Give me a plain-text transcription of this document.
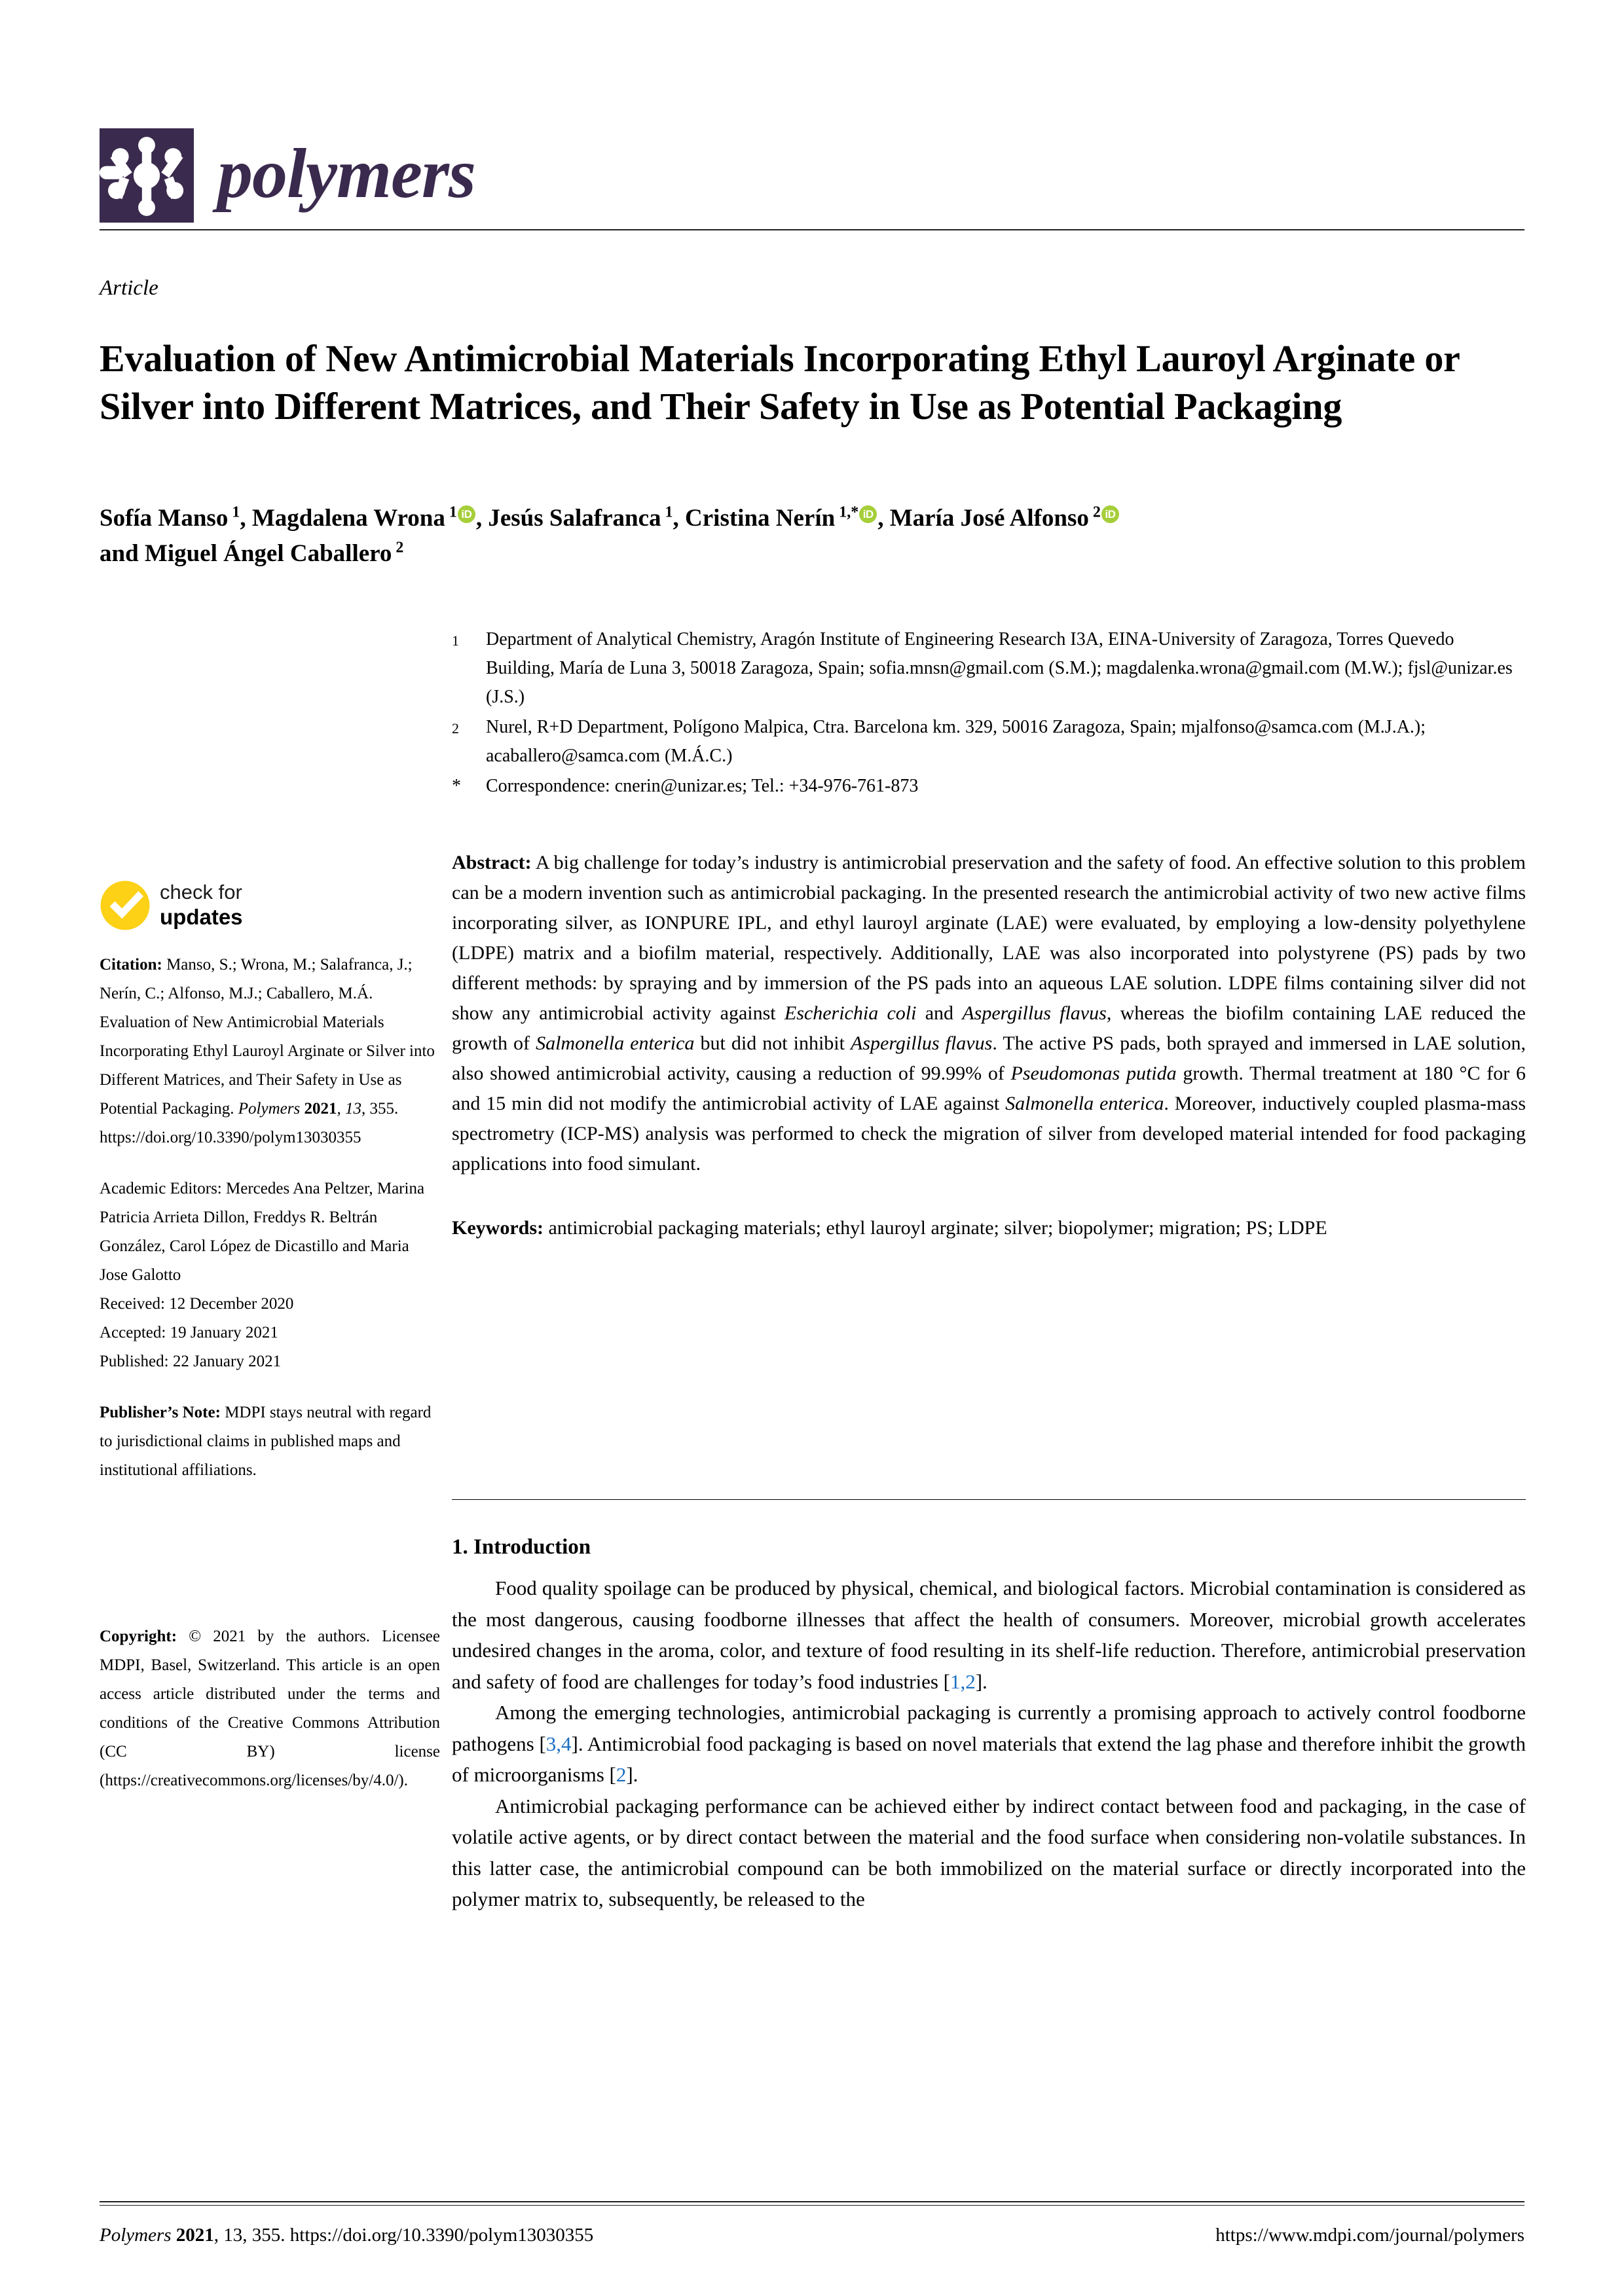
polymers
Article
Evaluation of New Antimicrobial Materials Incorporating Ethyl Lauroyl Arginate or Silver into Different Matrices, and Their Safety in Use as Potential Packaging
Sofía Manso $^1$, Magdalena Wrona $^1$ iD , Jesús Salafranca $^1$, Cristina Nerín $^{1,*}$ iD , María José Alfonso $^2$ iD
and Miguel Ángel Caballero $^2$
1	Department of Analytical Chemistry, Aragón Institute of Engineering Research I3A, EINA-University of Zaragoza, Torres Quevedo Building, María de Luna 3, 50018 Zaragoza, Spain; sofia.mnsn@gmail.com (S.M.); magdalenka.wrona@gmail.com (M.W.); fjsl@unizar.es (J.S.)
2	Nurel, R+D Department, Polígono Malpica, Ctra. Barcelona km. 329, 50016 Zaragoza, Spain; mjalfonso@samca.com (M.J.A.); acaballero@samca.com (M.Á.C.)
*	Correspondence: cnerin@unizar.es; Tel.: +34-976-761-873
check for
updates
Citation: Manso, S.; Wrona, M.; Salafranca, J.; Nerín, C.; Alfonso, M.J.; Caballero, M.Á. Evaluation of New Antimicrobial Materials Incorporating Ethyl Lauroyl Arginate or Silver into Different Matrices, and Their Safety in Use as Potential Packaging. Polymers 2021, 13, 355.
https://doi.org/10.3390/polym13030355
Academic Editors: Mercedes Ana Peltzer, Marina Patricia Arrieta Dillon, Freddys R. Beltrán González, Carol López de Dicastillo and Maria Jose Galotto
Received: 12 December 2020
Accepted: 19 January 2021
Published: 22 January 2021
Publisher’s Note: MDPI stays neutral with regard to jurisdictional claims in published maps and institutional affiliations.
Copyright: © 2021 by the authors. Licensee MDPI, Basel, Switzerland. This article is an open access article distributed under the terms and conditions of the Creative Commons Attribution (CC BY) license (https://creativecommons.org/licenses/by/4.0/).

Abstract: A big challenge for today’s industry is antimicrobial preservation and the safety of food. An effective solution to this problem can be a modern invention such as antimicrobial packaging. In the presented research the antimicrobial activity of two new active films incorporating silver, as IONPURE IPL, and ethyl lauroyl arginate (LAE) were evaluated, by employing a low-density polyethylene (LDPE) matrix and a biofilm material, respectively. Additionally, LAE was also incorporated into polystyrene (PS) pads by two different methods: by spraying and by immersion of the PS pads into an aqueous LAE solution. LDPE films containing silver did not show any antimicrobial activity against Escherichia coli and Aspergillus flavus, whereas the biofilm containing LAE reduced the growth of Salmonella enterica but did not inhibit Aspergillus flavus. The active PS pads, both sprayed and immersed in LAE solution, also showed antimicrobial activity, causing a reduction of 99.99% of Pseudomonas putida growth. Thermal treatment at 180 °C for 6 and 15 min did not modify the antimicrobial activity of LAE against Salmonella enterica. Moreover, inductively coupled plasma-mass spectrometry (ICP-MS) analysis was performed to check the migration of silver from developed material intended for food packaging applications into food simulant.

Keywords: antimicrobial packaging materials; ethyl lauroyl arginate; silver; biopolymer; migration; PS; LDPE

1. Introduction

Food quality spoilage can be produced by physical, chemical, and biological factors. Microbial contamination is considered as the most dangerous, causing foodborne illnesses that affect the health of consumers. Moreover, microbial growth accelerates undesired changes in the aroma, color, and texture of food resulting in its shelf-life reduction. Therefore, antimicrobial preservation and safety of food are challenges for today’s food industries [1,2].

Among the emerging technologies, antimicrobial packaging is currently a promising approach to actively control foodborne pathogens [3,4]. Antimicrobial food packaging is based on novel materials that extend the lag phase and therefore inhibit the growth of microorganisms [2].

Antimicrobial packaging performance can be achieved either by indirect contact between food and packaging, in the case of volatile active agents, or by direct contact between the material and the food surface when considering non-volatile substances. In this latter case, the antimicrobial compound can be both immobilized on the material surface or directly incorporated into the polymer matrix to, subsequently, be released to the

Polymers 2021, 13, 355. https://doi.org/10.3390/polym13030355	https://www.mdpi.com/journal/polymers
